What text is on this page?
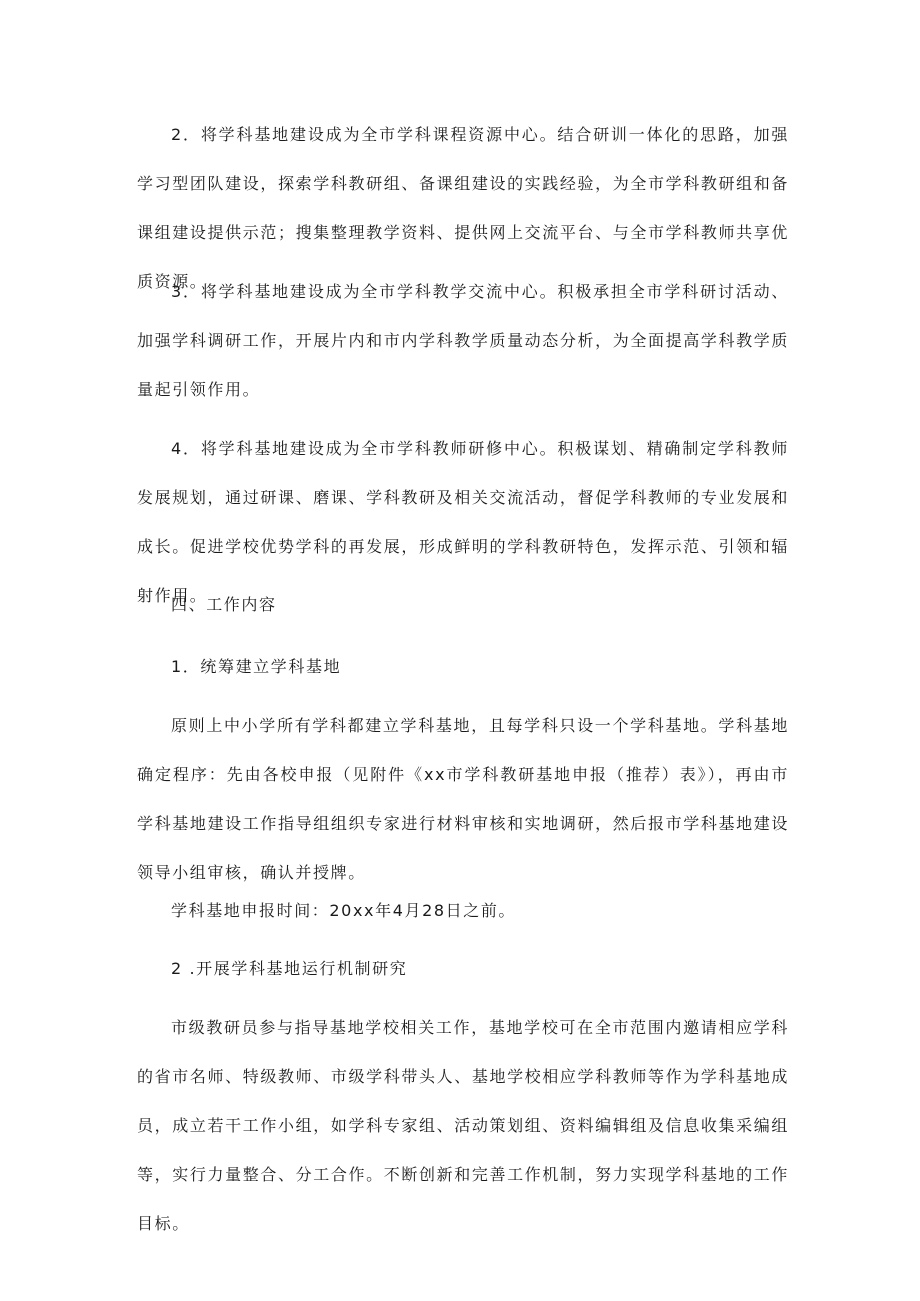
2．将学科基地建设成为全市学科课程资源中心。结合研训一体化的思路，加强学习型团队建设，探索学科教研组、备课组建设的实践经验，为全市学科教研组和备课组建设提供示范；搜集整理教学资料、提供网上交流平台、与全市学科教师共享优质资源。

3．将学科基地建设成为全市学科教学交流中心。积极承担全市学科研讨活动、加强学科调研工作，开展片内和市内学科教学质量动态分析，为全面提高学科教学质量起引领作用。

4．将学科基地建设成为全市学科教师研修中心。积极谋划、精确制定学科教师发展规划，通过研课、磨课、学科教研及相关交流活动，督促学科教师的专业发展和成长。促进学校优势学科的再发展，形成鲜明的学科教研特色，发挥示范、引领和辐射作用。

四、工作内容

1．统筹建立学科基地

原则上中小学所有学科都建立学科基地，且每学科只设一个学科基地。学科基地确定程序：先由各校申报（见附件《xx市学科教研基地申报（推荐）表》），再由市学科基地建设工作指导组组织专家进行材料审核和实地调研，然后报市学科基地建设领导小组审核，确认并授牌。

学科基地申报时间：20xx年4月28日之前。

2 .开展学科基地运行机制研究

市级教研员参与指导基地学校相关工作，基地学校可在全市范围内邀请相应学科的省市名师、特级教师、市级学科带头人、基地学校相应学科教师等作为学科基地成员，成立若干工作小组，如学科专家组、活动策划组、资料编辑组及信息收集采编组等，实行力量整合、分工合作。不断创新和完善工作机制，努力实现学科基地的工作目标。
